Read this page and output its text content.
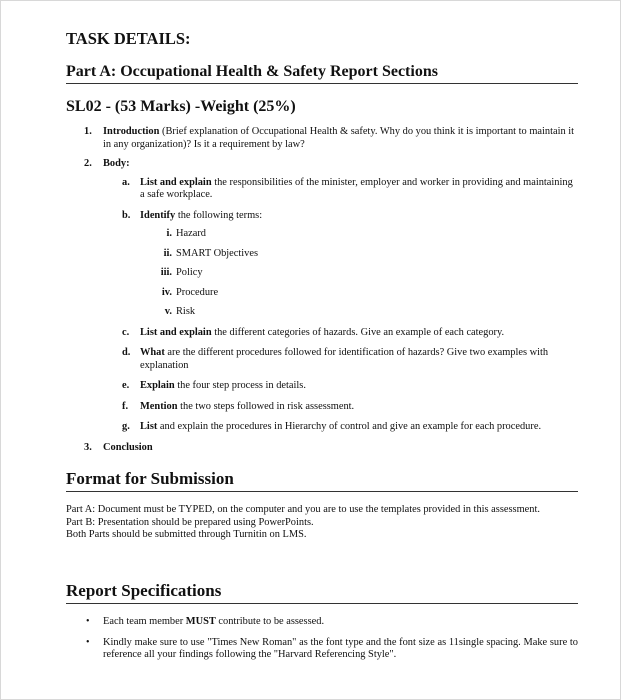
TASK DETAILS:
Part A: Occupational Health & Safety Report Sections
SL02 - (53 Marks) -Weight (25%)
1. Introduction (Brief explanation of Occupational Health & safety. Why do you think it is important to maintain it in any organization)? Is it a requirement by law?
2. Body:
a. List and explain the responsibilities of the minister, employer and worker in providing and maintaining a safe workplace.
b. Identify the following terms:
i. Hazard
ii. SMART Objectives
iii. Policy
iv. Procedure
v. Risk
c. List and explain the different categories of hazards. Give an example of each category.
d. What are the different procedures followed for identification of hazards? Give two examples with explanation
e. Explain the four step process in details.
f. Mention the two steps followed in risk assessment.
g. List and explain the procedures in Hierarchy of control and give an example for each procedure.
3. Conclusion
Format for Submission
Part A: Document must be TYPED, on the computer and you are to use the templates provided in this assessment.
Part B: Presentation should be prepared using PowerPoints.
Both Parts should be submitted through Turnitin on LMS.
Report Specifications
• Each team member MUST contribute to be assessed.
• Kindly make sure to use "Times New Roman" as the font type and the font size as 11single spacing. Make sure to reference all your findings following the "Harvard Referencing Style".
